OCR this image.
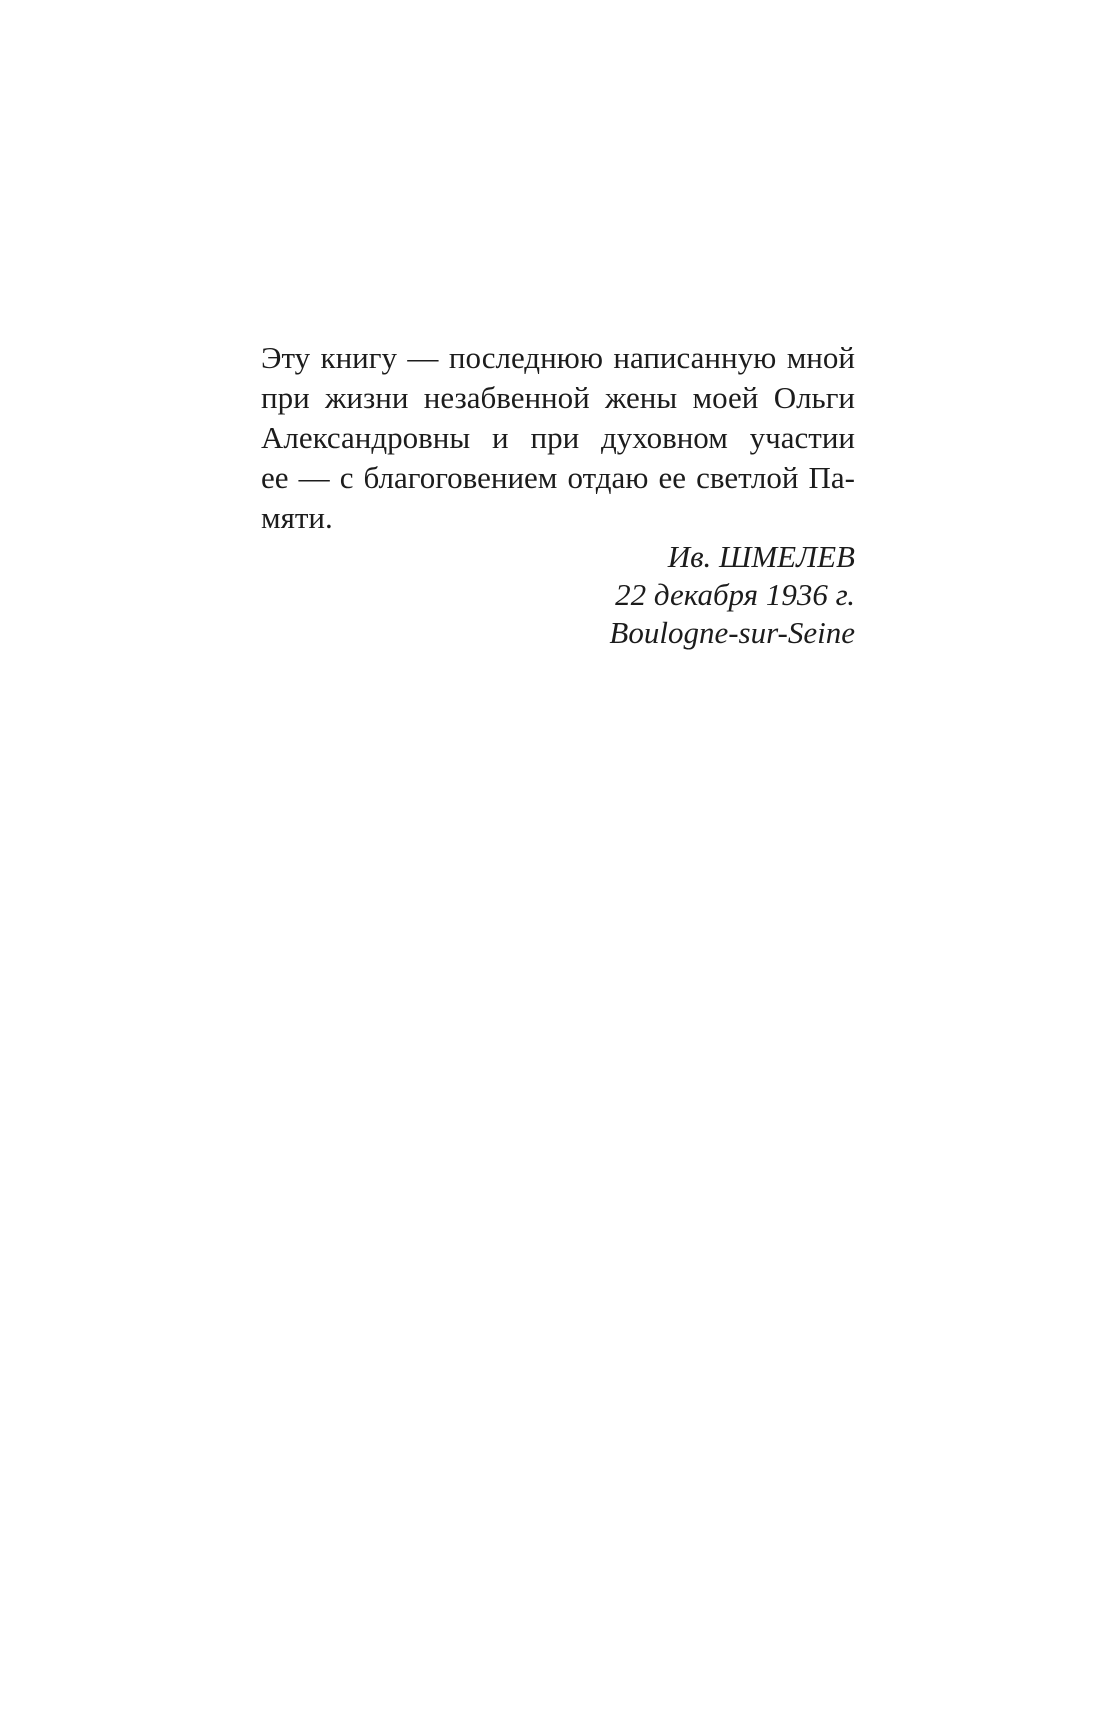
Эту книгу — последнюю написанную мной
при жизни незабвенной жены моей Ольги
Александровны и при духовном участии
ее — с благоговением отдаю ее светлой Па-
мяти.
Ив. ШМЕЛЕВ
22 декабря 1936 г.
Boulogne-sur-Seine
